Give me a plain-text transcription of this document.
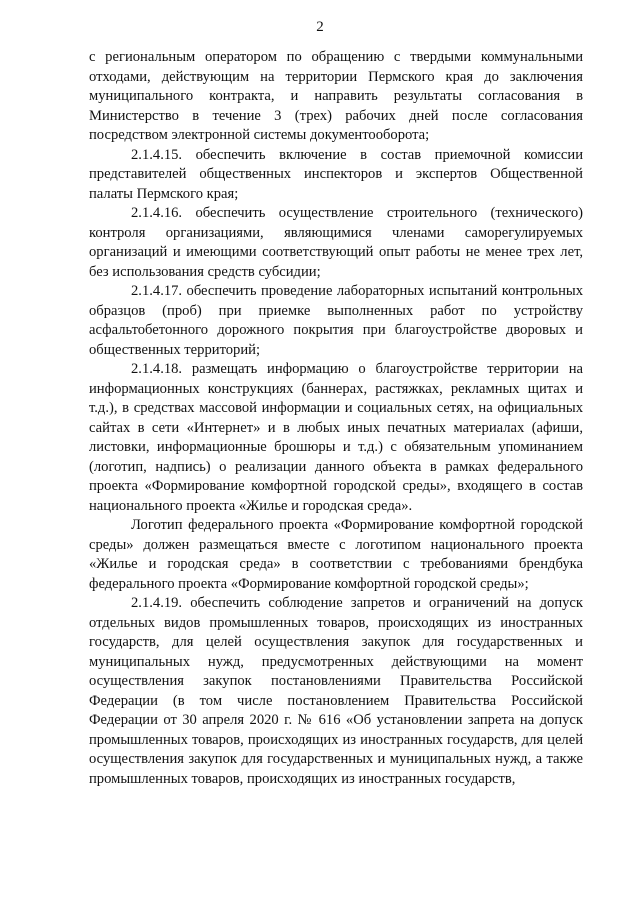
2

с региональным оператором по обращению с твердыми коммунальными отходами, действующим на территории Пермского края до заключения муниципального контракта, и направить результаты согласования в Министерство в течение 3 (трех) рабочих дней после согласования посредством электронной системы документооборота;

2.1.4.15. обеспечить включение в состав приемочной комиссии представителей общественных инспекторов и экспертов Общественной палаты Пермского края;

2.1.4.16. обеспечить осуществление строительного (технического) контроля организациями, являющимися членами саморегулируемых организаций и имеющими соответствующий опыт работы не менее трех лет, без использования средств субсидии;

2.1.4.17. обеспечить проведение лабораторных испытаний контрольных образцов (проб) при приемке выполненных работ по устройству асфальтобетонного дорожного покрытия при благоустройстве дворовых и общественных территорий;

2.1.4.18. размещать информацию о благоустройстве территории на информационных конструкциях (баннерах, растяжках, рекламных щитах и т.д.), в средствах массовой информации и социальных сетях, на официальных сайтах в сети «Интернет» и в любых иных печатных материалах (афиши, листовки, информационные брошюры и т.д.) с обязательным упоминанием (логотип, надпись) о реализации данного объекта в рамках федерального проекта «Формирование комфортной городской среды», входящего в состав национального проекта «Жилье и городская среда».

Логотип федерального проекта «Формирование комфортной городской среды» должен размещаться вместе с логотипом национального проекта «Жилье и городская среда» в соответствии с требованиями брендбука федерального проекта «Формирование комфортной городской среды»;

2.1.4.19. обеспечить соблюдение запретов и ограничений на допуск отдельных видов промышленных товаров, происходящих из иностранных государств, для целей осуществления закупок для государственных и муниципальных нужд, предусмотренных действующими на момент осуществления закупок постановлениями Правительства Российской Федерации (в том числе постановлением Правительства Российской Федерации от 30 апреля 2020 г. № 616 «Об установлении запрета на допуск промышленных товаров, происходящих из иностранных государств, для целей осуществления закупок для государственных и муниципальных нужд, а также промышленных товаров, происходящих из иностранных государств,
